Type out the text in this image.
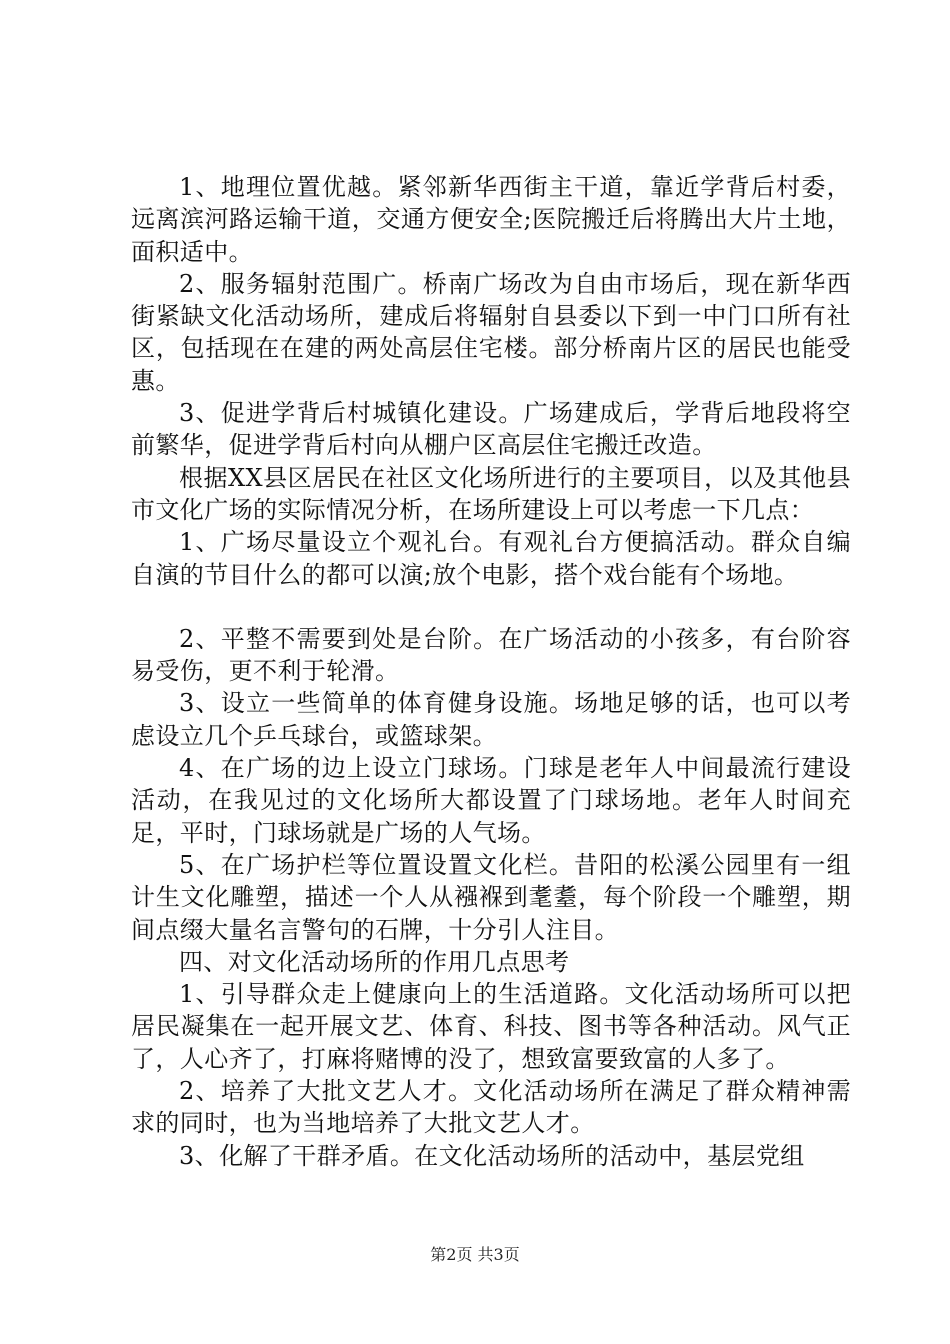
1、地理位置优越。紧邻新华西街主干道，靠近学背后村委，远离滨河路运输干道，交通方便安全;医院搬迁后将腾出大片土地，面积适中。

2、服务辐射范围广。桥南广场改为自由市场后，现在新华西街紧缺文化活动场所，建成后将辐射自县委以下到一中门口所有社区，包括现在在建的两处高层住宅楼。部分桥南片区的居民也能受惠。

3、促进学背后村城镇化建设。广场建成后，学背后地段将空前繁华，促进学背后村向从棚户区高层住宅搬迁改造。

根据XX县区居民在社区文化场所进行的主要项目，以及其他县市文化广场的实际情况分析，在场所建设上可以考虑一下几点：

1、广场尽量设立个观礼台。有观礼台方便搞活动。群众自编自演的节目什么的都可以演;放个电影，搭个戏台能有个场地。

2、平整不需要到处是台阶。在广场活动的小孩多，有台阶容易受伤，更不利于轮滑。

3、设立一些简单的体育健身设施。场地足够的话，也可以考虑设立几个乒乓球台，或篮球架。

4、在广场的边上设立门球场。门球是老年人中间最流行建设活动，在我见过的文化场所大都设置了门球场地。老年人时间充足，平时，门球场就是广场的人气场。

5、在广场护栏等位置设置文化栏。昔阳的松溪公园里有一组计生文化雕塑，描述一个人从襁褓到耄耋，每个阶段一个雕塑，期间点缀大量名言警句的石牌，十分引人注目。

四、对文化活动场所的作用几点思考

1、引导群众走上健康向上的生活道路。文化活动场所可以把居民凝集在一起开展文艺、体育、科技、图书等各种活动。风气正了，人心齐了，打麻将赌博的没了，想致富要致富的人多了。

2、培养了大批文艺人才。文化活动场所在满足了群众精神需求的同时，也为当地培养了大批文艺人才。

3、化解了干群矛盾。在文化活动场所的活动中，基层党组

第2页 共3页
